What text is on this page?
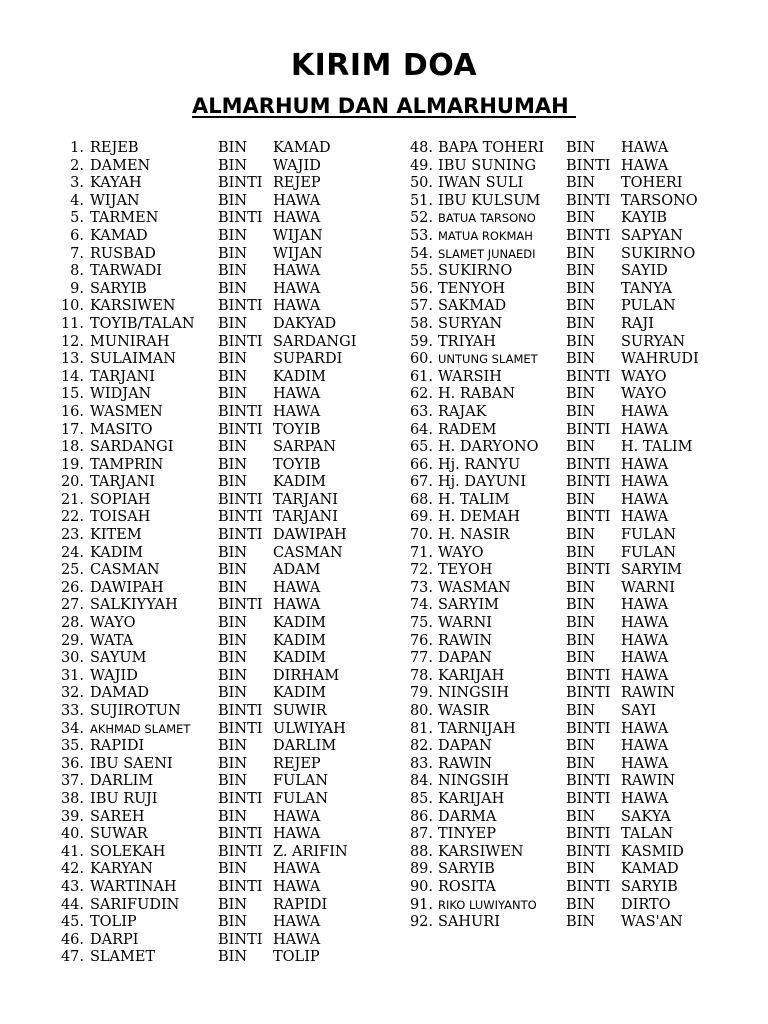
KIRIM DOA
ALMARHUM DAN ALMARHUMAH
1. REJEB	BIN KAMAD
2. DAMEN	BIN WAJID
3. KAYAH	BINTI REJEP
4. WIJAN	BIN HAWA
5. TARMEN	BINTI HAWA
6. KAMAD	BIN WIJAN
7. RUSBAD	BIN WIJAN
8. TARWADI	BIN HAWA
9. SARYIB	BIN HAWA
10. KARSIWEN	BINTI HAWA
11. TOYIB/TALAN BIN DAKYAD
12. MUNIRAH	BINTI SARDANGI
13. SULAIMAN	BIN SUPARDI
14. TARJANI	BIN KADIM
15. WIDJAN	BIN HAWA
16. WASMEN	BINTI HAWA
17. MASITO	BINTI TOYIB
18. SARDANGI	BIN SARPAN
19. TAMPRIN	BIN TOYIB
20. TARJANI	BIN KADIM
21. SOPIAH	BINTI TARJANI
22. TOISAH	BINTI TARJANI
23. KITEM	BINTI DAWIPAH
24. KADIM	BIN CASMAN
25. CASMAN	BIN ADAM
26. DAWIPAH	BIN HAWA
27. SALKIYYAH	BINTI HAWA
28. WAYO	BIN KADIM
29. WATA	BIN KADIM
30. SAYUM	BIN KADIM
31. WAJID	BIN DIRHAM
32. DAMAD	BIN KADIM
33. SUJIROTUN	BINTI SUWIR
34. AKHMAD SLAMET BINTI ULWIYAH
35. RAPIDI	BIN DARLIM
36. IBU SAENI	BIN REJEP
37. DARLIM	BIN FULAN
38. IBU RUJI	BINTI FULAN
39. SAREH	BIN HAWA
40. SUWAR	BINTI HAWA
41. SOLEKAH	BINTI Z. ARIFIN
42. KARYAN	BIN HAWA
43. WARTINAH	BINTI HAWA
44. SARIFUDIN	BIN RAPIDI
45. TOLIP	BIN HAWA
46. DARPI	BINTI HAWA
47. SLAMET	BIN TOLIP
48. BAPA TOHERI BIN HAWA
49. IBU SUNING BINTI HAWA
50. IWAN SULI	BIN TOHERI
51. IBU KULSUM BINTI TARSONO
52. BATUA TARSONO BIN KAYIB
53. MATUA ROKMAH BINTI SAPYAN
54. SLAMET JUNAEDI BIN SUKIRNO
55. SUKIRNO	BIN SAYID
56. TENYOH	BIN TANYA
57. SAKMAD	BIN PULAN
58. SURYAN	BIN RAJI
59. TRIYAH	BIN SURYAN
60. UNTUNG SLAMET BIN WAHRUDI
61. WARSIH	BINTI WAYO
62. H. RABAN	BIN WAYO
63. RAJAK	BIN HAWA
64. RADEM	BINTI HAWA
65. H. DARYONO BIN H. TALIM
66. Hj. RANYU	BINTI HAWA
67. Hj. DAYUNI	BINTI HAWA
68. H. TALIM	BIN HAWA
69. H. DEMAH	BINTI HAWA
70. H. NASIR	BIN FULAN
71. WAYO	BIN FULAN
72. TEYOH	BINTI SARYIM
73. WASMAN	BIN WARNI
74. SARYIM	BIN HAWA
75. WARNI	BIN HAWA
76. RAWIN	BIN HAWA
77. DAPAN	BIN HAWA
78. KARIJAH	BINTI HAWA
79. NINGSIH	BINTI RAWIN
80. WASIR	BIN SAYI
81. TARNIJAH	BINTI HAWA
82. DAPAN	BIN HAWA
83. RAWIN	BIN HAWA
84. NINGSIH	BINTI RAWIN
85. KARIJAH	BINTI HAWA
86. DARMA	BIN SAKYA
87. TINYEP	BINTI TALAN
88. KARSIWEN	BINTI KASMID
89. SARYIB	BIN KAMAD
90. ROSITA	BINTI SARYIB
91. RIKO LUWIYANTO BIN DIRTO
92. SAHURI	BIN WAS'AN
